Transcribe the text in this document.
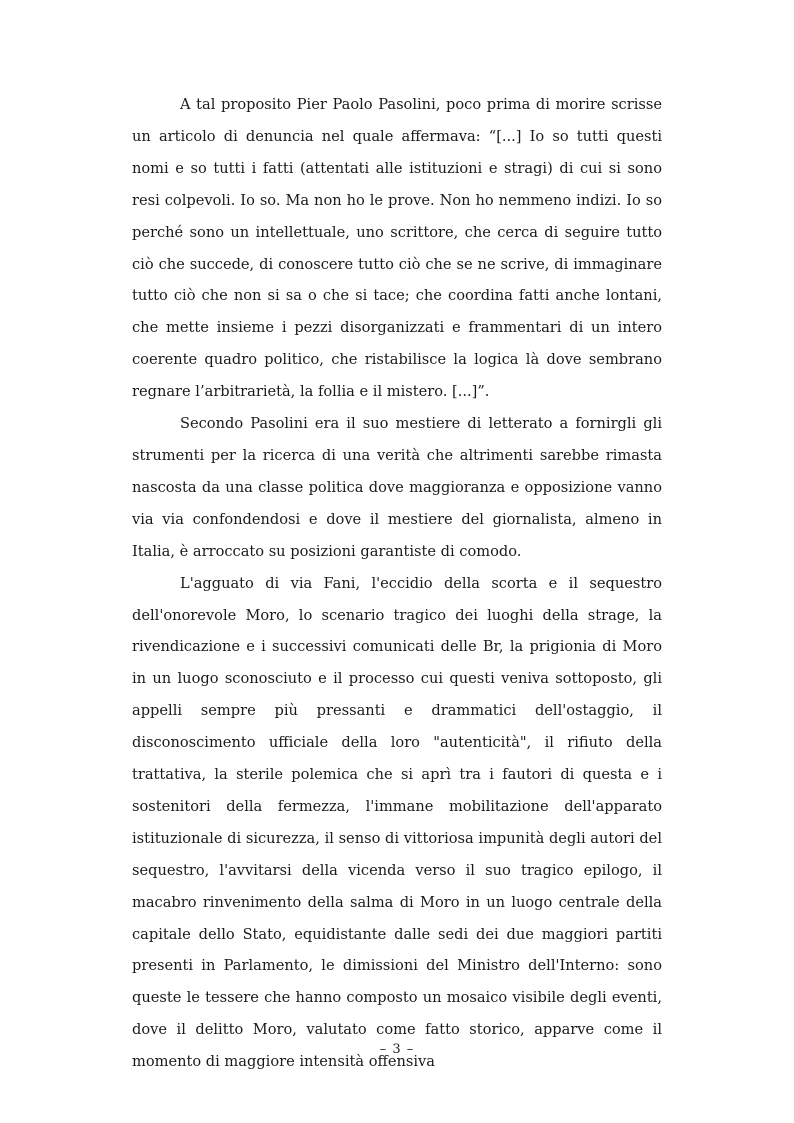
A tal proposito Pier Paolo Pasolini, poco prima di morire scrisse un articolo di denuncia nel quale affermava: “[...] Io so tutti questi nomi e so tutti i fatti (attentati alle istituzioni e stragi) di cui si sono resi colpevoli. Io so. Ma non ho le prove. Non ho nemmeno indizi. Io so perché sono un intellettuale, uno scrittore, che cerca di seguire tutto ciò che succede, di conoscere tutto ciò che se ne scrive, di immaginare tutto ciò che non si sa o che si tace; che coordina fatti anche lontani, che mette insieme i pezzi disorganizzati e frammentari di un intero coerente quadro politico, che ristabilisce la logica là dove sembrano regnare l’arbitrarietà, la follia e il mistero. [...]”.

Secondo Pasolini era il suo mestiere di letterato a fornirgli gli strumenti per la ricerca di una verità che altrimenti sarebbe rimasta nascosta da una classe politica dove maggioranza e opposizione vanno via via confondendosi e dove il mestiere del giornalista, almeno in Italia, è arroccato su posizioni garantiste di comodo.

L'agguato di via Fani, l'eccidio della scorta e il sequestro dell'onorevole Moro, lo scenario tragico dei luoghi della strage, la rivendicazione e i successivi comunicati delle Br, la prigionia di Moro in un luogo sconosciuto e il processo cui questi veniva sottoposto, gli appelli sempre più pressanti e drammatici dell'ostaggio, il disconoscimento ufficiale della loro "autenticità", il rifiuto della trattativa, la sterile polemica che si aprì tra i fautori di questa e i sostenitori della fermezza, l'immane mobilitazione dell'apparato istituzionale di sicurezza, il senso di vittoriosa impunità degli autori del sequestro, l'avvitarsi della vicenda verso il suo tragico epilogo, il macabro rinvenimento della salma di Moro in un luogo centrale della capitale dello Stato, equidistante dalle sedi dei due maggiori partiti presenti in Parlamento, le dimissioni del Ministro dell'Interno: sono queste le tessere che hanno composto un mosaico visibile degli eventi, dove il delitto Moro, valutato come fatto storico, apparve come il momento di maggiore intensità offensiva

– 3 –
